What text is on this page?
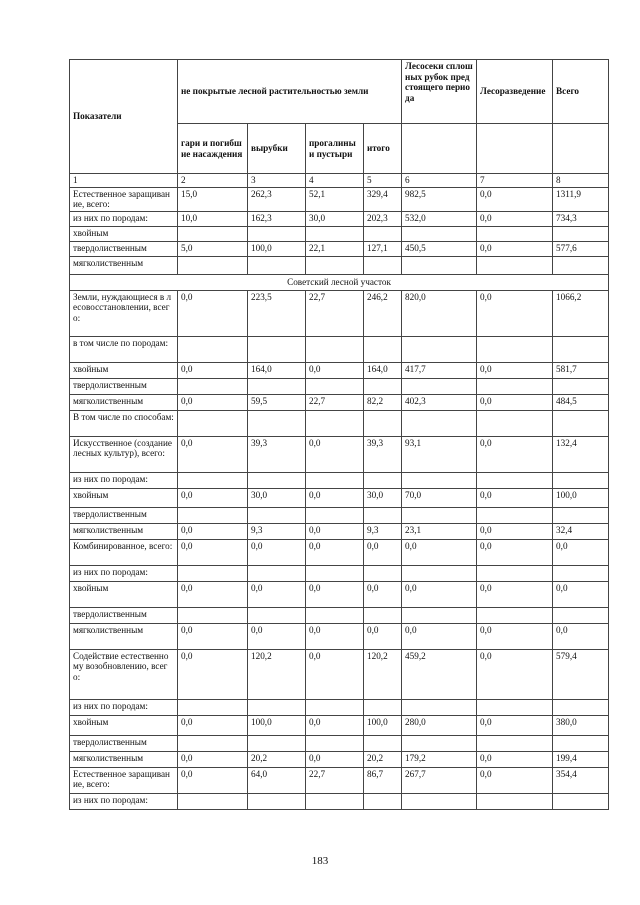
Показатели	не покрытые лесной растительностью земли				Лесосеки сплошных рубок предстоящего периода	Лесоразведение	Всего
	гари и погибшие насаждения	вырубки	прогалины и пустыри	итого			
1	2	3	4	5	6	7	8
Естественное заращивание, всего:	15,0	262,3	52,1	329,4	982,5	0,0	1311,9
из них по породам:	10,0	162,3	30,0	202,3	532,0	0,0	734,3
хвойным							
твердолиственным	5,0	100,0	22,1	127,1	450,5	0,0	577,6
мягколиственным							
Советский лесной участок							
Земли, нуждающиеся в лесовосстановлении, всего:	0,0	223,5	22,7	246,2	820,0	0,0	1066,2
в том числе по породам:							
хвойным	0,0	164,0	0,0	164,0	417,7	0,0	581,7
твердолиственным							
мягколиственным	0,0	59,5	22,7	82,2	402,3	0,0	484,5
В том числе по способам:							
Искусственное (создание лесных культур), всего:	0,0	39,3	0,0	39,3	93,1	0,0	132,4
из них по породам:							
хвойным	0,0	30,0	0,0	30,0	70,0	0,0	100,0
твердолиственным							
мягколиственным	0,0	9,3	0,0	9,3	23,1	0,0	32,4
Комбинированное, всего:	0,0	0,0	0,0	0,0	0,0	0,0	0,0
из них по породам:							
хвойным	0,0	0,0	0,0	0,0	0,0	0,0	0,0
твердолиственным							
мягколиственным	0,0	0,0	0,0	0,0	0,0	0,0	0,0
Содействие естественному возобновлению, всего:	0,0	120,2	0,0	120,2	459,2	0,0	579,4
из них по породам:							
хвойным	0,0	100,0	0,0	100,0	280,0	0,0	380,0
твердолиственным							
мягколиственным	0,0	20,2	0,0	20,2	179,2	0,0	199,4
Естественное заращивание, всего:	0,0	64,0	22,7	86,7	267,7	0,0	354,4
из них по породам:							
183
